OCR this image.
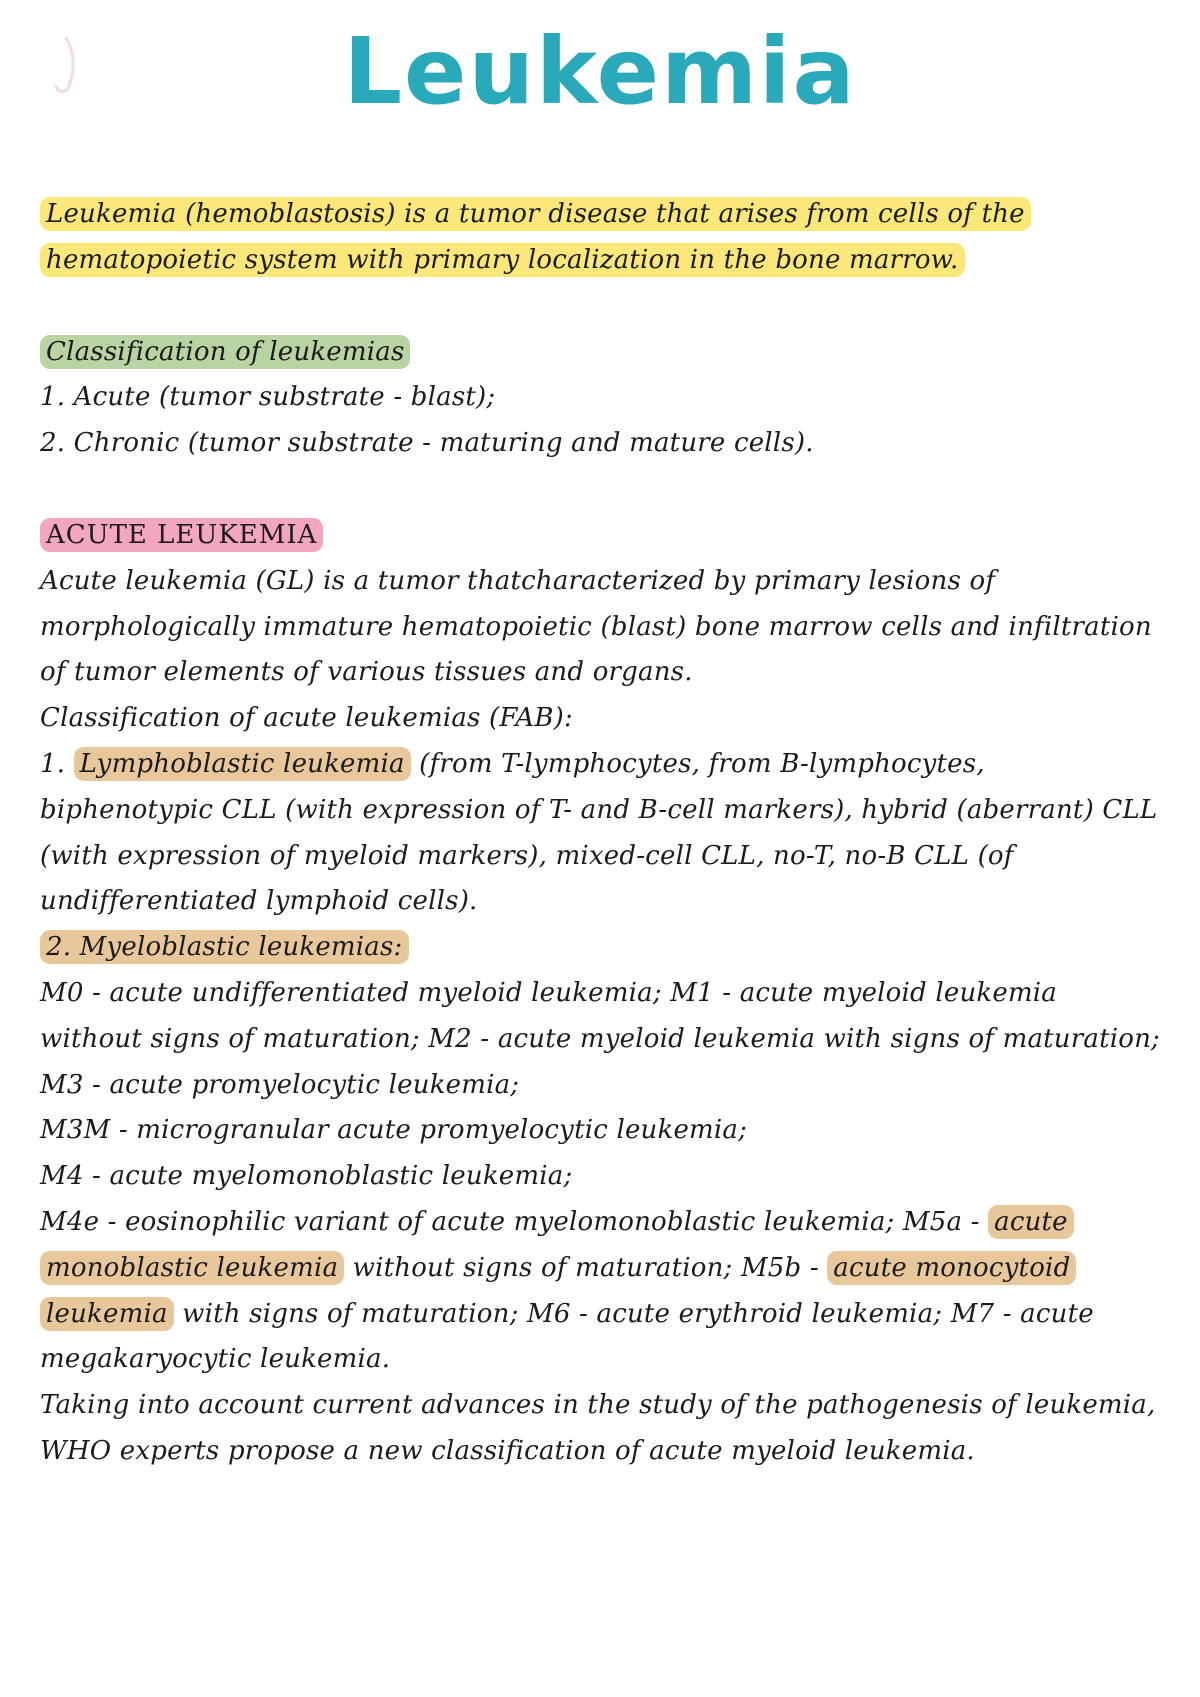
Leukemia

Leukemia (hemoblastosis) is a tumor disease that arises from cells of the hematopoietic system with primary localization in the bone marrow.

Classification of leukemias

1. Acute (tumor substrate - blast);

2. Chronic (tumor substrate - maturing and mature cells).

ACUTE LEUKEMIA

Acute leukemia (GL) is a tumor thatcharacterized by primary lesions of morphologically immature hematopoietic (blast) bone marrow cells and infiltration of tumor elements of various tissues and organs.

Classification of acute leukemias (FAB):

1. Lymphoblastic leukemia (from T-lymphocytes, from B-lymphocytes, biphenotypic CLL (with expression of T- and B-cell markers), hybrid (aberrant) CLL (with expression of myeloid markers), mixed-cell CLL, no-T, no-B CLL (of undifferentiated lymphoid cells).

2. Myeloblastic leukemias:

M0 - acute undifferentiated myeloid leukemia; M1 - acute myeloid leukemia without signs of maturation; M2 - acute myeloid leukemia with signs of maturation; M3 - acute promyelocytic leukemia;

M3M - microgranular acute promyelocytic leukemia;

M4 - acute myelomonoblastic leukemia;

M4e - eosinophilic variant of acute myelomonoblastic leukemia; M5a - acute monoblastic leukemia without signs of maturation; M5b - acute monocytoid leukemia with signs of maturation; M6 - acute erythroid leukemia; M7 - acute megakaryocytic leukemia.

Taking into account current advances in the study of the pathogenesis of leukemia, WHO experts propose a new classification of acute myeloid leukemia.
